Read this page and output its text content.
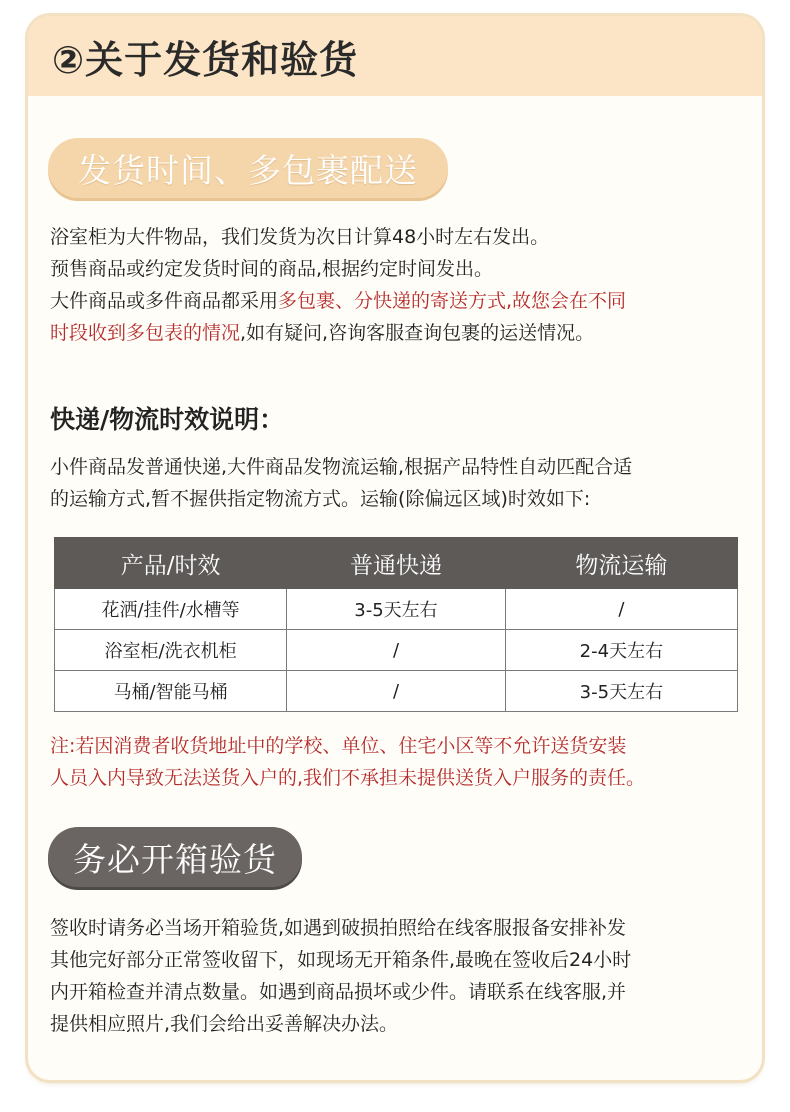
②关于发货和验货
发货时间、多包裹配送
浴室柜为大件物品，我们发货为次日计算48小时左右发出。
预售商品或约定发货时间的商品,根据约定时间发出。
大件商品或多件商品都采用多包裹、分快递的寄送方式,故您会在不同
时段收到多包表的情况,如有疑问,咨询客服查询包裹的运送情况。
快递/物流时效说明：
小件商品发普通快递,大件商品发物流运输,根据产品特性自动匹配合适
的运输方式,暂不握供指定物流方式。运输(除偏远区域)时效如下:
产品/时效	普通快递	物流运输
花洒/挂件/水槽等	3-5天左右	/
浴室柜/洗衣机柜	/	2-4天左右
马桶/智能马桶	/	3-5天左右
注:若因消费者收货地址中的学校、单位、住宅小区等不允许送货安装
人员入内导致无法送货入户的,我们不承担未提供送货入户服务的责任。
务必开箱验货
签收时请务必当场开箱验货,如遇到破损拍照给在线客服报备安排补发
其他完好部分正常签收留下，如现场无开箱条件,最晚在签收后24小时
内开箱检查并清点数量。如遇到商品损坏或少件。请联系在线客服,并
提供相应照片,我们会给出妥善解决办法。
